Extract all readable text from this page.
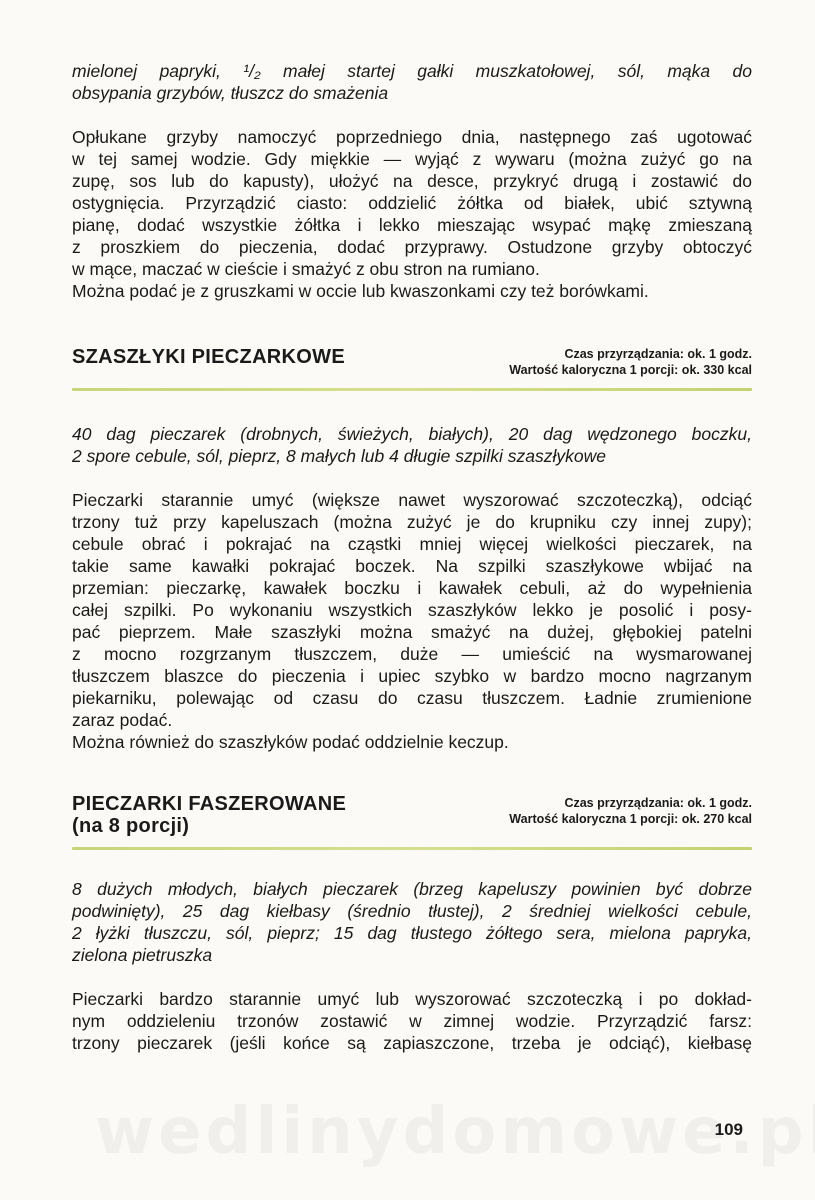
mielonej papryki, ¹/₂ małej startej gałki muszkatołowej, sól, mąka do

obsypania grzybów, tłuszcz do smażenia

Opłukane grzyby namoczyć poprzedniego dnia, następnego zaś ugotować

w tej samej wodzie. Gdy miękkie — wyjąć z wywaru (można zużyć go na

zupę, sos lub do kapusty), ułożyć na desce, przykryć drugą i zostawić do

ostygnięcia. Przyrządzić ciasto: oddzielić żółtka od białek, ubić sztywną

pianę, dodać wszystkie żółtka i lekko mieszając wsypać mąkę zmieszaną

z proszkiem do pieczenia, dodać przyprawy. Ostudzone grzyby obtoczyć

w mące, maczać w cieście i smażyć z obu stron na rumiano.

Można podać je z gruszkami w occie lub kwaszonkami czy też borówkami.

SZASZŁYKI PIECZARKOWE	Czas przyrządzania: ok. 1 godz.
Wartość kaloryczna 1 porcji: ok. 330 kcal

40 dag pieczarek (drobnych, świeżych, białych), 20 dag wędzonego boczku,

2 spore cebule, sól, pieprz, 8 małych lub 4 długie szpilki szaszłykowe

Pieczarki starannie umyć (większe nawet wyszorować szczoteczką), odciąć

trzony tuż przy kapeluszach (można zużyć je do krupniku czy innej zupy);

cebule obrać i pokrajać na cząstki mniej więcej wielkości pieczarek, na

takie same kawałki pokrajać boczek. Na szpilki szaszłykowe wbijać na

przemian: pieczarkę, kawałek boczku i kawałek cebuli, aż do wypełnienia

całej szpilki. Po wykonaniu wszystkich szaszłyków lekko je posolić i posy-

pać pieprzem. Małe szaszłyki można smażyć na dużej, głębokiej patelni

z mocno rozgrzanym tłuszczem, duże — umieścić na wysmarowanej

tłuszczem blaszce do pieczenia i upiec szybko w bardzo mocno nagrzanym

piekarniku, polewając od czasu do czasu tłuszczem. Ładnie zrumienione

zaraz podać.

Można również do szaszłyków podać oddzielnie keczup.

PIECZARKI FASZEROWANE
(na 8 porcji)
Czas przyrządzania: ok. 1 godz.
Wartość kaloryczna 1 porcji: ok. 270 kcal

8 dużych młodych, białych pieczarek (brzeg kapeluszy powinien być dobrze

podwinięty), 25 dag kiełbasy (średnio tłustej), 2 średniej wielkości cebule,

2 łyżki tłuszczu, sól, pieprz; 15 dag tłustego żółtego sera, mielona papryka,

zielona pietruszka

Pieczarki bardzo starannie umyć lub wyszorować szczoteczką i po dokład-

nym oddzieleniu trzonów zostawić w zimnej wodzie. Przyrządzić farsz:

trzony pieczarek (jeśli końce są zapiaszczone, trzeba je odciąć), kiełbasę

109
